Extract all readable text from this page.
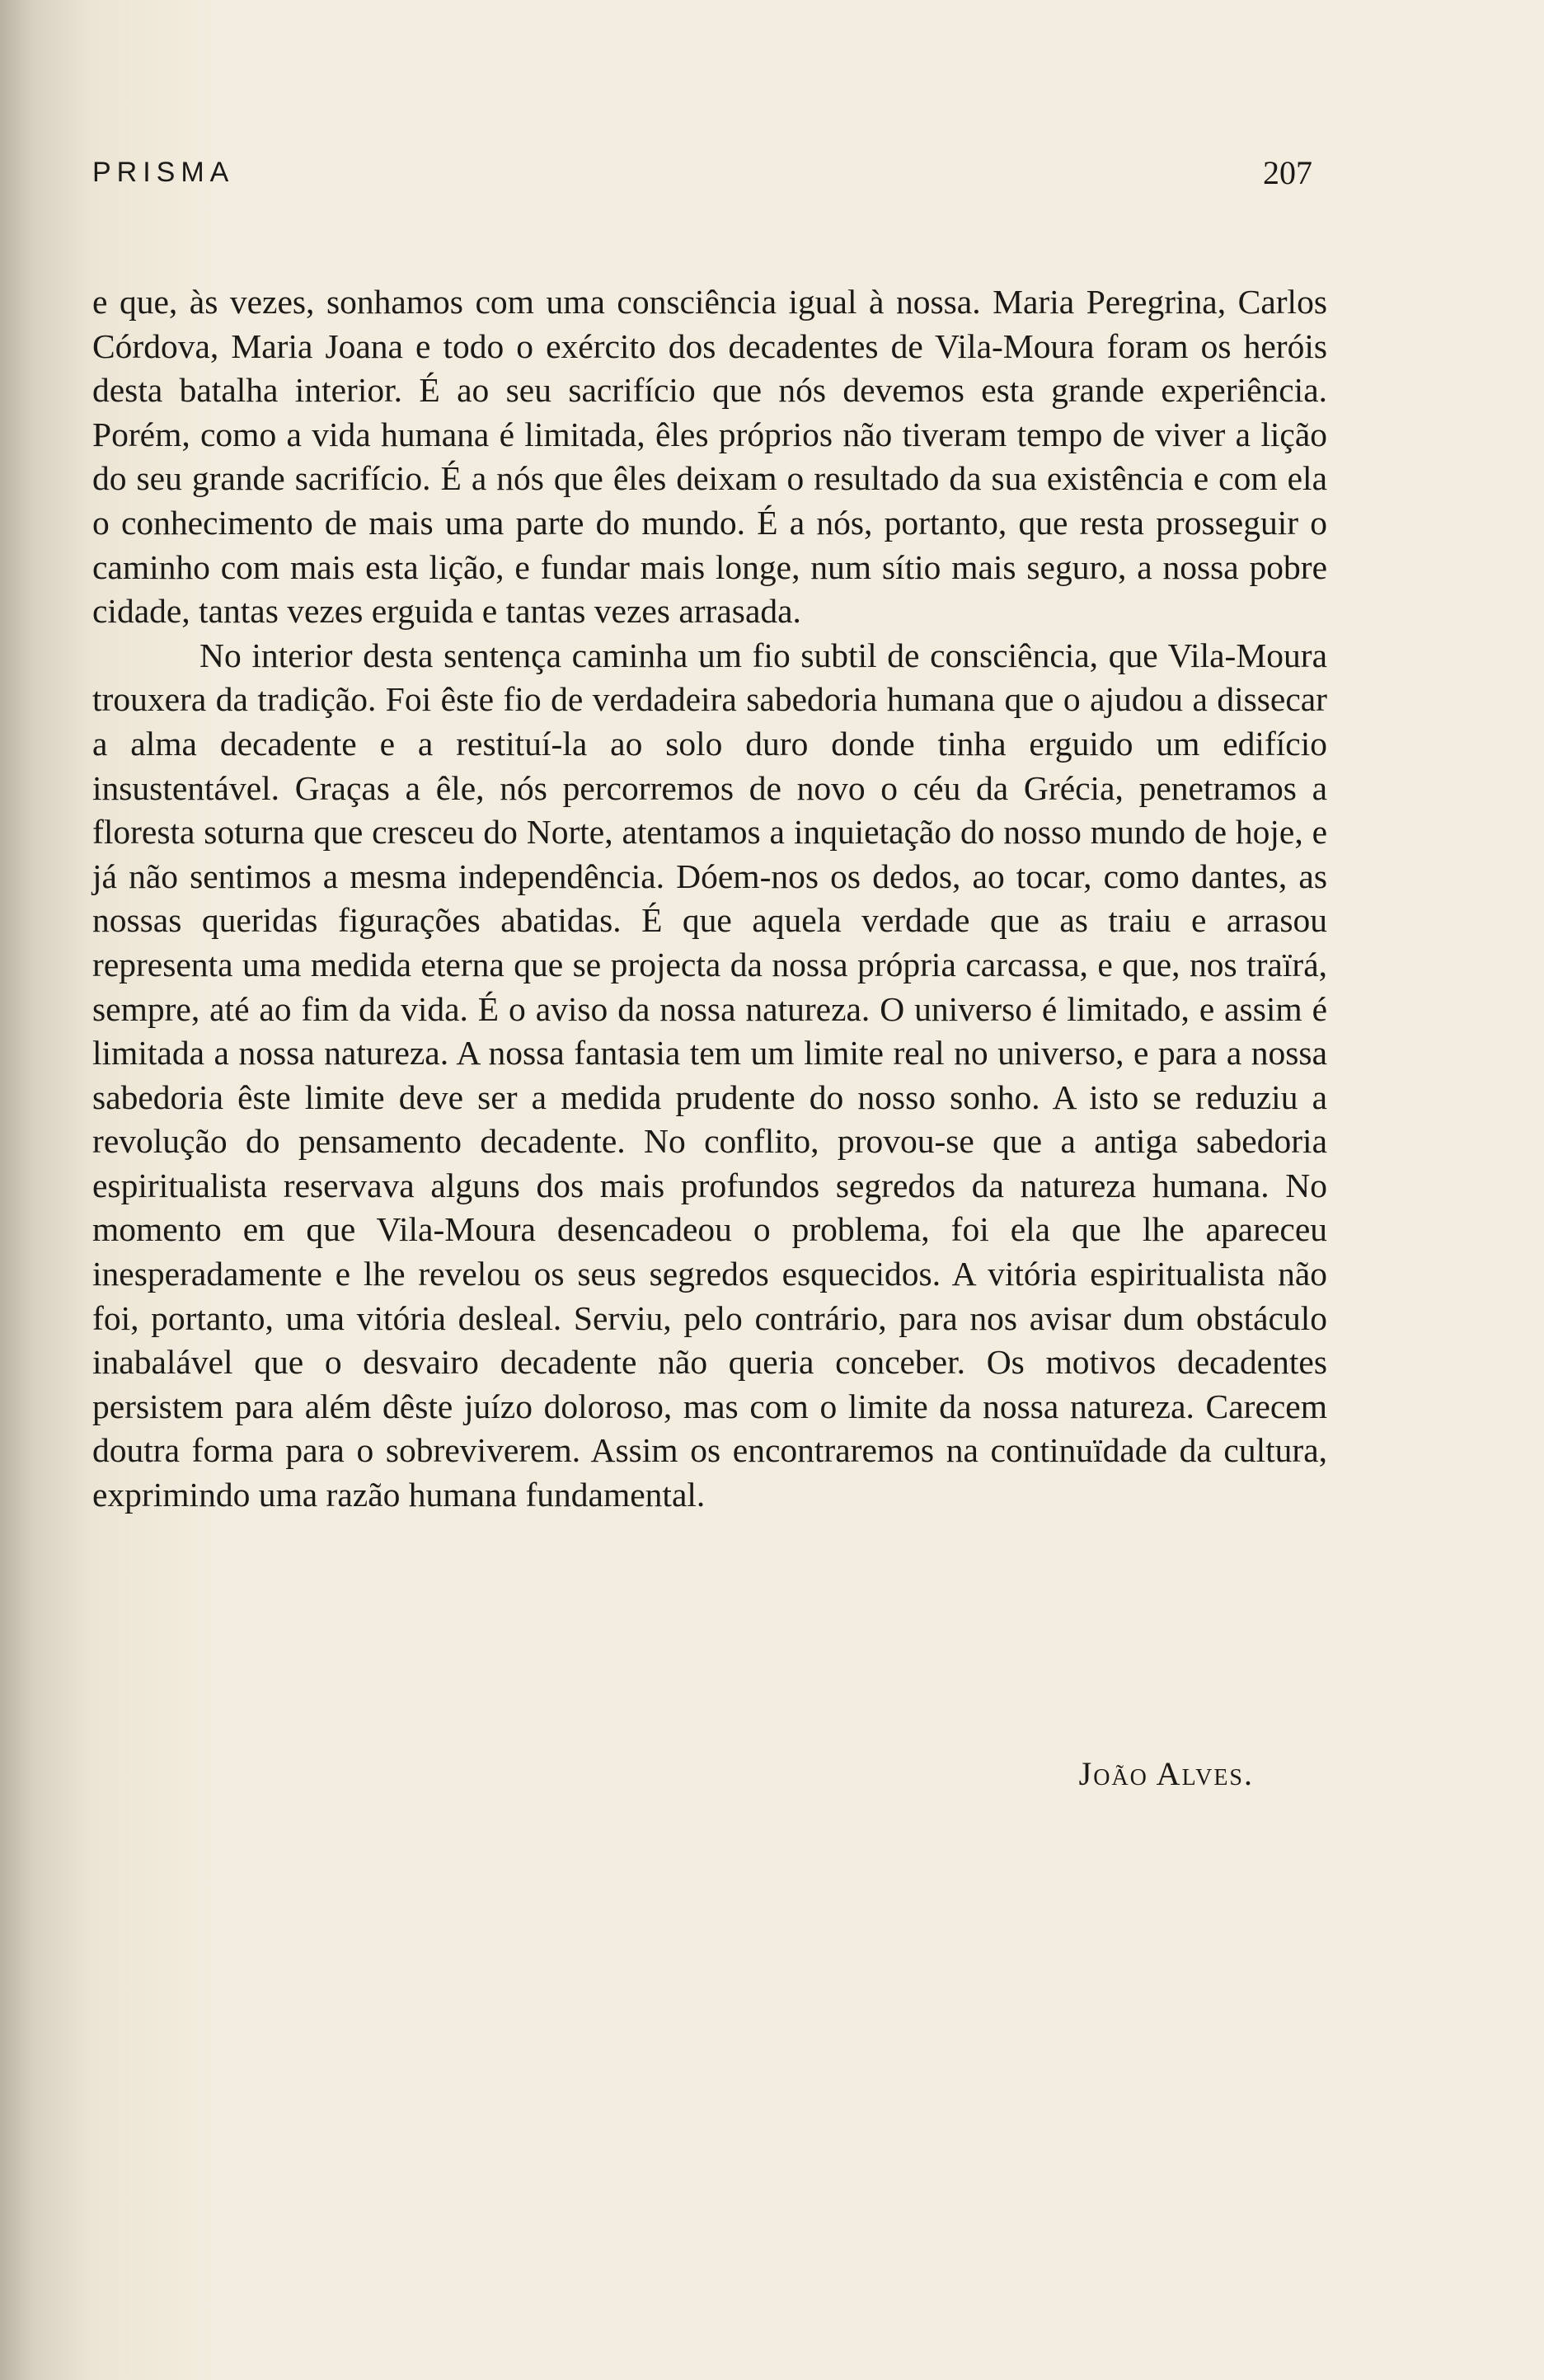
PRISMA	207

e que, às vezes, sonhamos com uma consciência igual à nossa. Maria Peregrina, Carlos Córdova, Maria Joana e todo o exército dos decadentes de Vila-Moura foram os heróis desta batalha interior. É ao seu sacrifício que nós devemos esta grande experiência. Porém, como a vida humana é limitada, êles próprios não tiveram tempo de viver a lição do seu grande sacrifício. É a nós que êles deixam o resultado da sua existência e com ela o conhecimento de mais uma parte do mundo. É a nós, portanto, que resta prosseguir o caminho com mais esta lição, e fundar mais longe, num sítio mais seguro, a nossa pobre cidade, tantas vezes erguida e tantas vezes arrasada.

No interior desta sentença caminha um fio subtil de consciência, que Vila-Moura trouxera da tradição. Foi êste fio de verdadeira sabedoria humana que o ajudou a dissecar a alma decadente e a restituí-la ao solo duro donde tinha erguido um edifício insustentável. Graças a êle, nós percorremos de novo o céu da Grécia, penetramos a floresta soturna que cresceu do Norte, atentamos a inquietação do nosso mundo de hoje, e já não sentimos a mesma independência. Dóem-nos os dedos, ao tocar, como dantes, as nossas queridas figurações abatidas. É que aquela verdade que as traiu e arrasou representa uma medida eterna que se projecta da nossa própria carcassa, e que, nos traïrá, sempre, até ao fim da vida. É o aviso da nossa natureza. O universo é limitado, e assim é limitada a nossa natureza. A nossa fantasia tem um limite real no universo, e para a nossa sabedoria êste limite deve ser a medida prudente do nosso sonho. A isto se reduziu a revolução do pensamento decadente. No conflito, provou-se que a antiga sabedoria espiritualista reservava alguns dos mais profundos segredos da natureza humana. No momento em que Vila-Moura desencadeou o problema, foi ela que lhe apareceu inesperadamente e lhe revelou os seus segredos esquecidos. A vitória espiritualista não foi, portanto, uma vitória desleal. Serviu, pelo contrário, para nos avisar dum obstáculo inabalável que o desvairo decadente não queria conceber. Os motivos decadentes persistem para além dêste juízo doloroso, mas com o limite da nossa natureza. Carecem doutra forma para o sobreviverem. Assim os encontraremos na continuïdade da cultura, exprimindo uma razão humana fundamental.

João Alves.
